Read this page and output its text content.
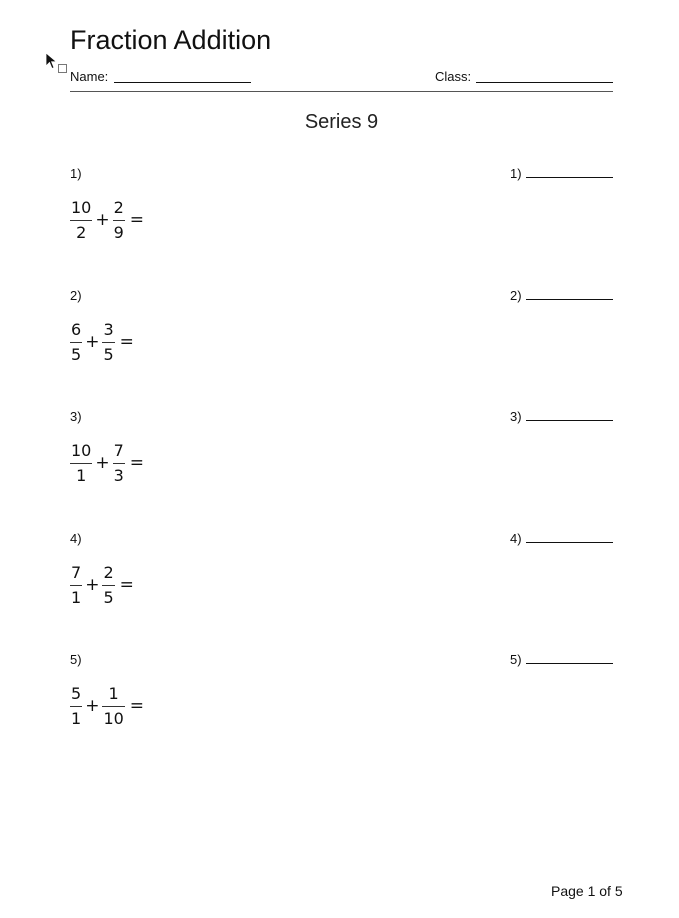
Fraction Addition
Name:	Class:
Series 9
1)	1)
$\frac{10}{2} + \frac{2}{9}$ =
2)	2)
$\frac{6}{5} + \frac{3}{5}$ =
3)	3)
$\frac{10}{1} + \frac{7}{3}$ =
4)	4)
$\frac{7}{1} + \frac{2}{5}$ =
5)	5)
$\frac{5}{1} + \frac{1}{10}$ =
Page 1 of 5
